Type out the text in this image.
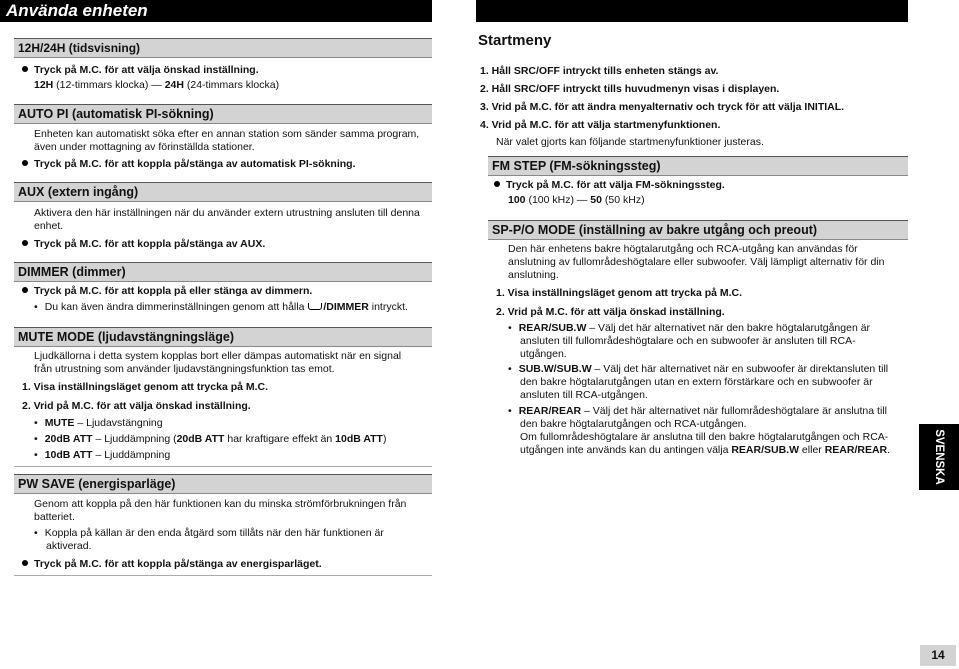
Använda enheten
12H/24H (tidsvisning)
Tryck på M.C. för att välja önskad inställning.
12H (12-timmars klocka) — 24H (24-timmars klocka)
AUTO PI (automatisk PI-sökning)
Enheten kan automatiskt söka efter en annan station som sänder samma program,
även under mottagning av förinställda stationer.
Tryck på M.C. för att koppla på/stänga av automatisk PI-sökning.
AUX (extern ingång)
Aktivera den här inställningen när du använder extern utrustning ansluten till denna
enhet.
Tryck på M.C. för att koppla på/stänga av AUX.
DIMMER (dimmer)
Tryck på M.C. för att koppla på eller stänga av dimmern.
• Du kan även ändra dimmerinställningen genom att hålla /DIMMER intryckt.
MUTE MODE (ljudavstängningsläge)
Ljudkällorna i detta system kopplas bort eller dämpas automatiskt när en signal
från utrustning som använder ljudavstängningsfunktion tas emot.
1. Visa inställningsläget genom att trycka på M.C.
2. Vrid på M.C. för att välja önskad inställning.
• MUTE – Ljudavstängning
• 20dB ATT – Ljuddämpning (20dB ATT har kraftigare effekt än 10dB ATT)
• 10dB ATT – Ljuddämpning
PW SAVE (energisparläge)
Genom att koppla på den här funktionen kan du minska strömförbrukningen från
batteriet.
• Koppla på källan är den enda åtgärd som tillåts när den här funktionen är
aktiverad.
Tryck på M.C. för att koppla på/stänga av energisparläget.
Startmeny
1. Håll SRC/OFF intryckt tills enheten stängs av.
2. Håll SRC/OFF intryckt tills huvudmenyn visas i displayen.
3. Vrid på M.C. för att ändra menyalternativ och tryck för att välja INITIAL.
4. Vrid på M.C. för att välja startmenyfunktionen.
När valet gjorts kan följande startmenyfunktioner justeras.
FM STEP (FM-sökningssteg)
Tryck på M.C. för att välja FM-sökningssteg.
100 (100 kHz) — 50 (50 kHz)
SP-P/O MODE (inställning av bakre utgång och preout)
Den här enhetens bakre högtalarutgång och RCA-utgång kan användas för
anslutning av fullområdeshögtalare eller subwoofer. Välj lämpligt alternativ för din
anslutning.
1. Visa inställningsläget genom att trycka på M.C.
2. Vrid på M.C. för att välja önskad inställning.
• REAR/SUB.W – Välj det här alternativet när den bakre högtalarutgången är
ansluten till fullområdeshögtalare och en subwoofer är ansluten till RCA-
utgången.
• SUB.W/SUB.W – Välj det här alternativet när en subwoofer är direktansluten till
den bakre högtalarutgången utan en extern förstärkare och en subwoofer är
ansluten till RCA-utgången.
• REAR/REAR – Välj det här alternativet när fullområdeshögtalare är anslutna till
den bakre högtalarutgången och RCA-utgången.
Om fullområdeshögtalare är anslutna till den bakre högtalarutgången och RCA-
utgången inte används kan du antingen välja REAR/SUB.W eller REAR/REAR.	SVENSKA
14
